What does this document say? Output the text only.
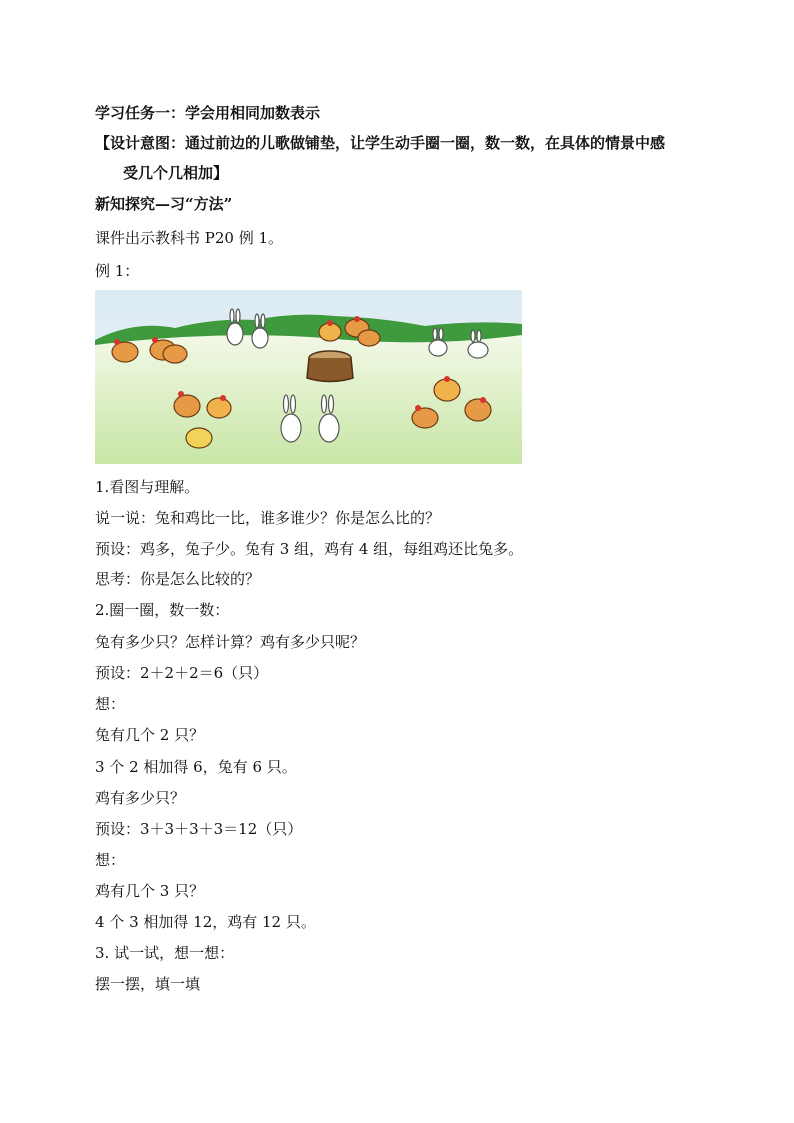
学习任务一：学会用相同加数表示
【设计意图：通过前边的儿歌做铺垫，让学生动手圈一圈，数一数，在具体的情景中感
受几个几相加】
新知探究—习“方法”
课件出示教科书 P20 例 1。
例 1：
1.看图与理解。
说一说：兔和鸡比一比，谁多谁少？你是怎么比的？
预设：鸡多，兔子少。兔有 3 组，鸡有 4 组，每组鸡还比兔多。
思考：你是怎么比较的？
2.圈一圈，数一数：
兔有多少只？怎样计算？鸡有多少只呢？
预设：2＋2＋2＝6（只）
想：
兔有几个 2 只？
3 个 2 相加得 6，兔有 6 只。
鸡有多少只？
预设：3＋3＋3＋3＝12（只）
想：
鸡有几个 3 只？
4 个 3 相加得 12，鸡有 12 只。
3. 试一试，想一想：
摆一摆，填一填
